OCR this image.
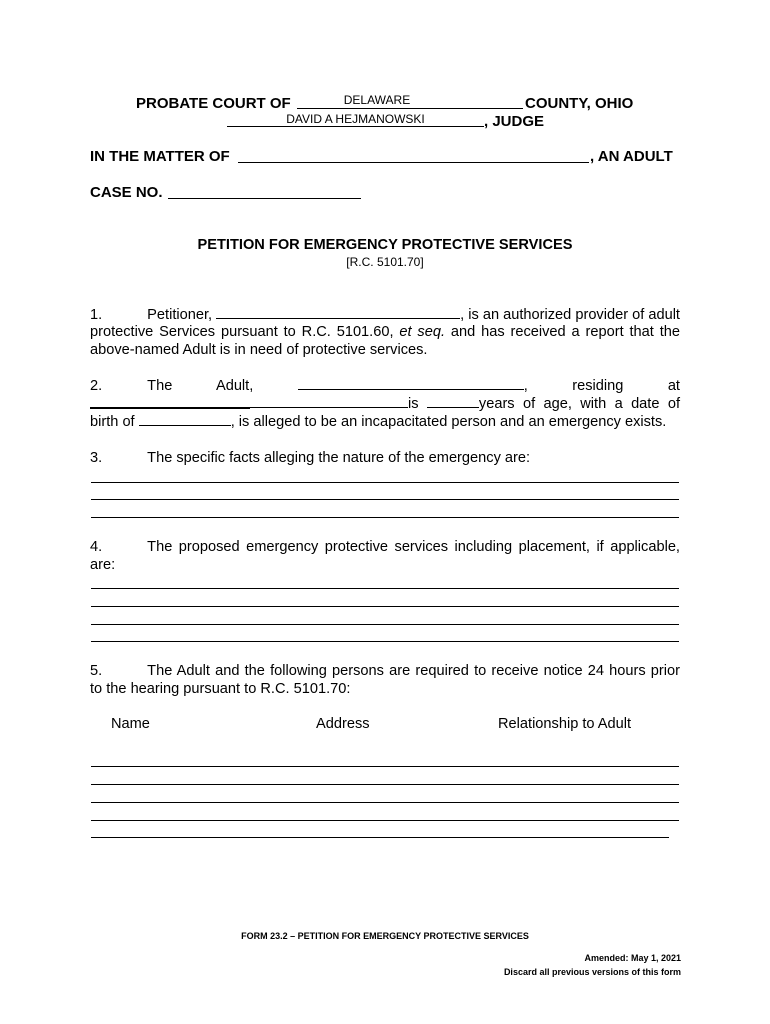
PROBATE COURT OF	DELAWARE	COUNTY, OHIO
DAVID A HEJMANOWSKI	, JUDGE
IN THE MATTER OF	, AN ADULT
CASE NO.
PETITION FOR EMERGENCY PROTECTIVE SERVICES
[R.C. 5101.70]
1.	Petitioner,	, is an authorized provider of adult
protective Services pursuant to R.C. 5101.60, et seq. and has received a report that the
above-named Adult is in need of protective services.
2.	The Adult,	, residing at
is	years of age, with a date of
birth of	, is alleged to be an incapacitated person and an emergency exists.
3.	The specific facts alleging the nature of the emergency are:
4.	The proposed emergency protective services including placement, if applicable,
are:
5.	The Adult and the following persons are required to receive notice 24 hours prior
to the hearing pursuant to R.C. 5101.70:
Name	Address	Relationship to Adult
FORM 23.2 – PETITION FOR EMERGENCY PROTECTIVE SERVICES
Amended: May 1, 2021
Discard all previous versions of this form
